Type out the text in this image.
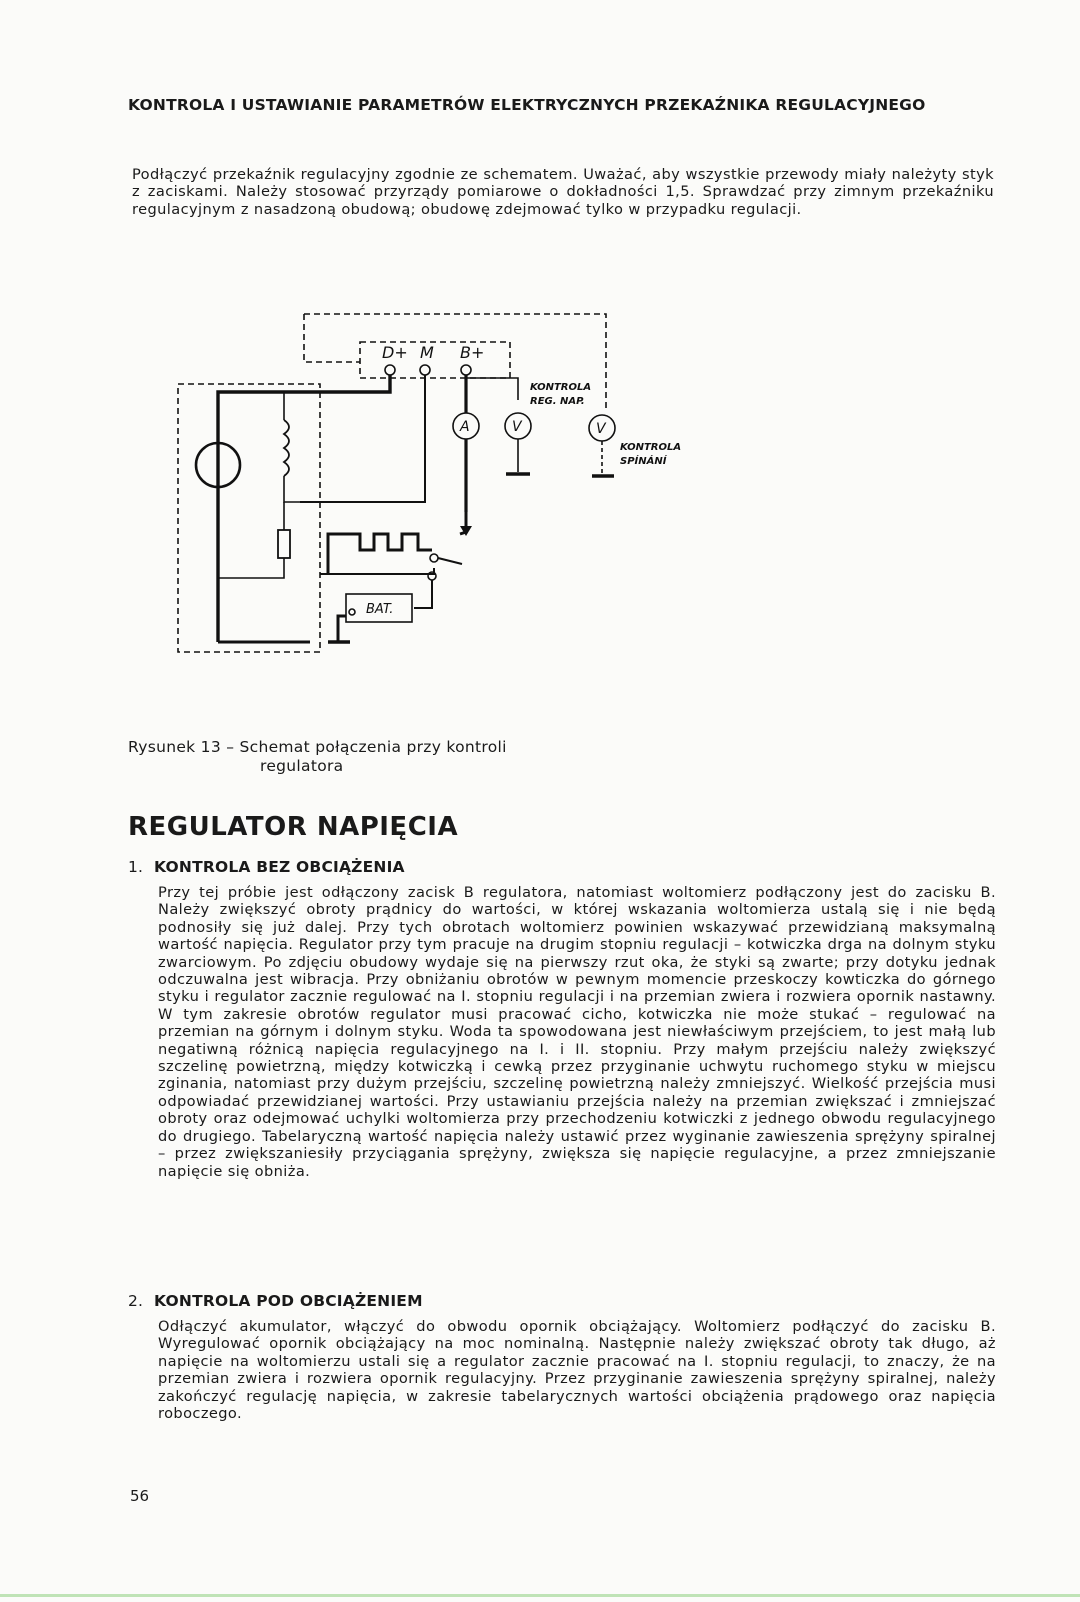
KONTROLA I USTAWIANIE PARAMETRÓW ELEKTRYCZNYCH PRZEKAŹNIKA REGULACYJNEGO
Podłączyć przekaźnik regulacyjny zgodnie ze schematem. Uważać, aby wszystkie przewody miały należyty styk z zaciskami. Należy stosować przyrządy pomiarowe o dokładności 1,5. Sprawdzać przy zimnym przekaźniku regulacyjnym z nasadzoną obudową; obudowę zdejmować tylko w przypadku regulacji.
D+ M B+
A	V	V
KONTROLA
REG. NAP.
KONTROLA
SPÍNÁNÍ
BAT.
Rysunek 13 – Schemat połączenia przy kontroli
regulatora
REGULATOR NAPIĘCIA
1. KONTROLA BEZ OBCIĄŻENIA
Przy tej próbie jest odłączony zacisk B regulatora, natomiast woltomierz podłączony jest do zacisku B. Należy zwiększyć obroty prądnicy do wartości, w której wskazania woltomierza ustalą się i nie będą podnosiły się już dalej. Przy tych obrotach woltomierz powinien wskazywać przewidzianą maksymalną wartość napięcia. Regulator przy tym pracuje na drugim stopniu regulacji – kotwiczka drga na dolnym styku zwarciowym. Po zdjęciu obudowy wydaje się na pierwszy rzut oka, że styki są zwarte; przy dotyku jednak odczuwalna jest wibracja. Przy obniżaniu obrotów w pewnym momencie przeskoczy kowticzka do górnego styku i regulator zacznie regulować na I. stopniu regulacji i na przemian zwiera i rozwiera opornik nastawny. W tym zakresie obrotów regulator musi pracować cicho, kotwiczka nie może stukać – regulować na przemian na górnym i dolnym styku. Woda ta spowodowana jest niewłaściwym przejściem, to jest małą lub negatiwną różnicą napięcia regulacyjnego na I. i II. stopniu. Przy małym przejściu należy zwiększyć szczelinę powietrzną, między kotwiczką i cewką przez przyginanie uchwytu ruchomego styku w miejscu zginania, natomiast przy dużym przejściu, szczelinę powietrzną należy zmniejszyć. Wielkość przejścia musi odpowiadać przewidzianej wartości. Przy ustawianiu przejścia należy na przemian zwiększać i zmniejszać obroty oraz odejmować uchylki woltomierza przy przechodzeniu kotwiczki z jednego obwodu regulacyjnego do drugiego. Tabelaryczną wartość napięcia należy ustawić przez wyginanie zawieszenia sprężyny spiralnej – przez zwiększaniesiły przyciągania sprężyny, zwiększa się napięcie regulacyjne, a przez zmniejszanie napięcie się obniża.
2. KONTROLA POD OBCIĄŻENIEM
Odłączyć akumulator, włączyć do obwodu opornik obciążający. Woltomierz podłączyć do zacisku B. Wyregulować opornik obciążający na moc nominalną. Następnie należy zwiększać obroty tak długo, aż napięcie na woltomierzu ustali się a regulator zacznie pracować na I. stopniu regulacji, to znaczy, że na przemian zwiera i rozwiera opornik regulacyjny. Przez przyginanie zawieszenia sprężyny spiralnej, należy zakończyć regulację napięcia, w zakresie tabelarycznych wartości obciążenia prądowego oraz napięcia roboczego.
56
